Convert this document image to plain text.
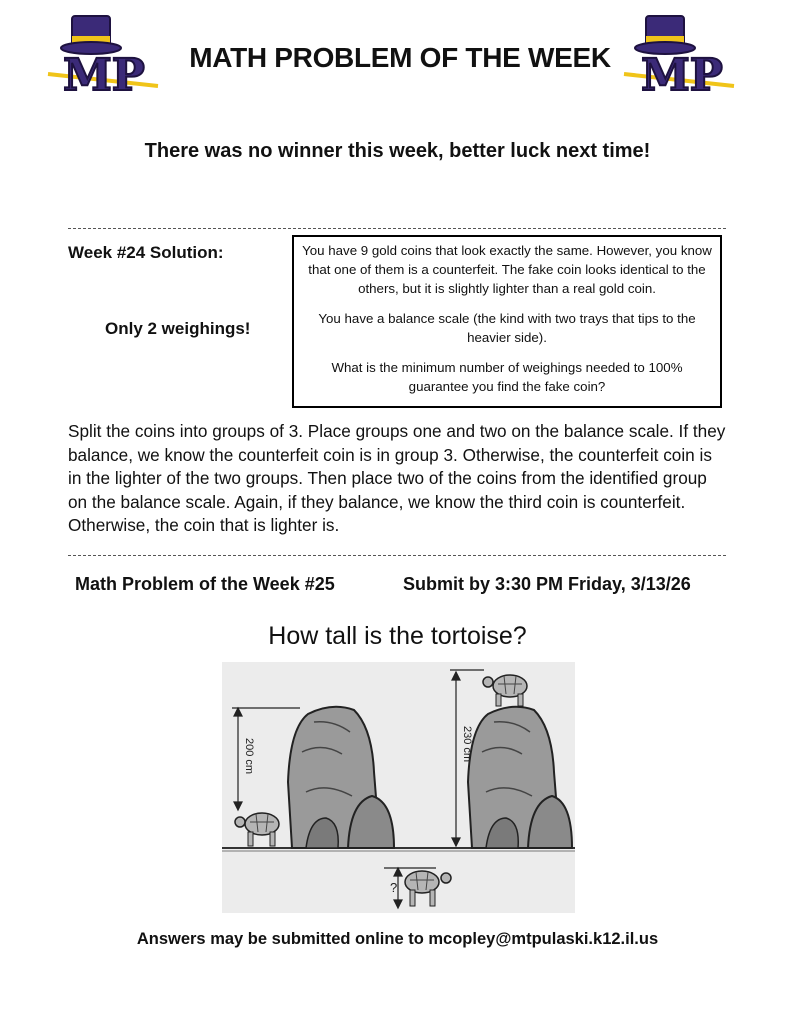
MP	MP
MATH PROBLEM OF THE WEEK
There was no winner this week, better luck next time!
Week #24 Solution:
Only 2 weighings!

You have 9 gold coins that look exactly the same. However, you know that one of them is a counterfeit. The fake coin looks identical to the others, but it is slightly lighter than a real gold coin.

You have a balance scale (the kind with two trays that tips to the heavier side).

What is the minimum number of weighings needed to 100% guarantee you find the fake coin?

Split the coins into groups of 3. Place groups one and two on the balance scale. If they balance, we know the counterfeit coin is in group 3. Otherwise, the counterfeit coin is in the lighter of the two groups. Then place two of the coins from the identified group on the balance scale. Again, if they balance, we know the third coin is counterfeit. Otherwise, the coin that is lighter is.
Math Problem of the Week #25	Submit by 3:30 PM Friday, 3/13/26
How tall is the tortoise?
200 cm	230 cm
?
Answers may be submitted online to mcopley@mtpulaski.k12.il.us
